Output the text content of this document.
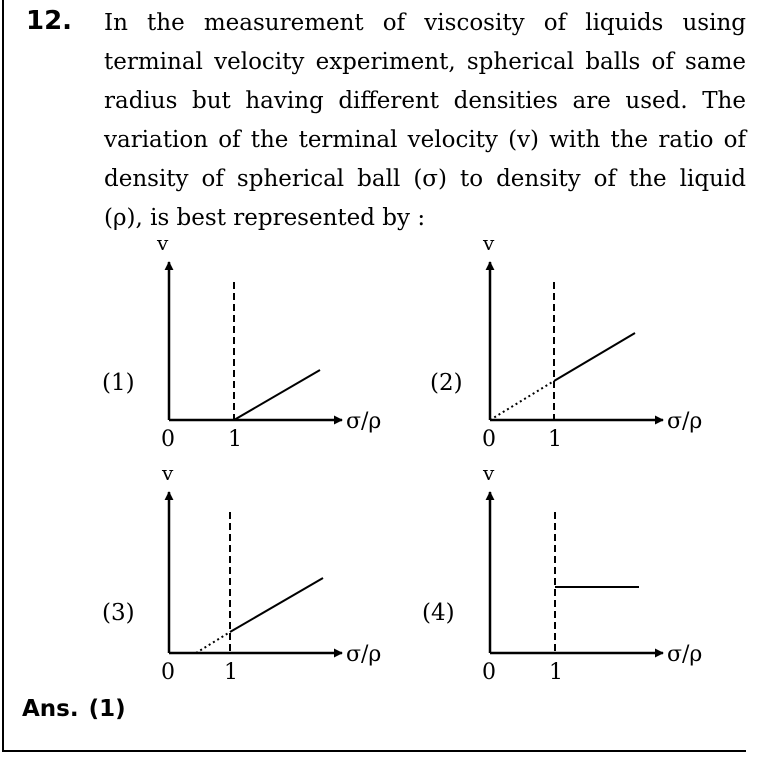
12. In the measurement of viscosity of liquids using
terminal velocity experiment, spherical balls of same
radius but having different densities are used. The
variation of the terminal velocity (v) with the ratio of
density of spherical ball (σ) to density of the liquid
(ρ), is best represented by :
(1)
v
σ/ρ
0 1
(2)
v
σ/ρ
0 1
(3)
v
σ/ρ
0 1
(4)
v
σ/ρ
0 1
Ans. (1)
